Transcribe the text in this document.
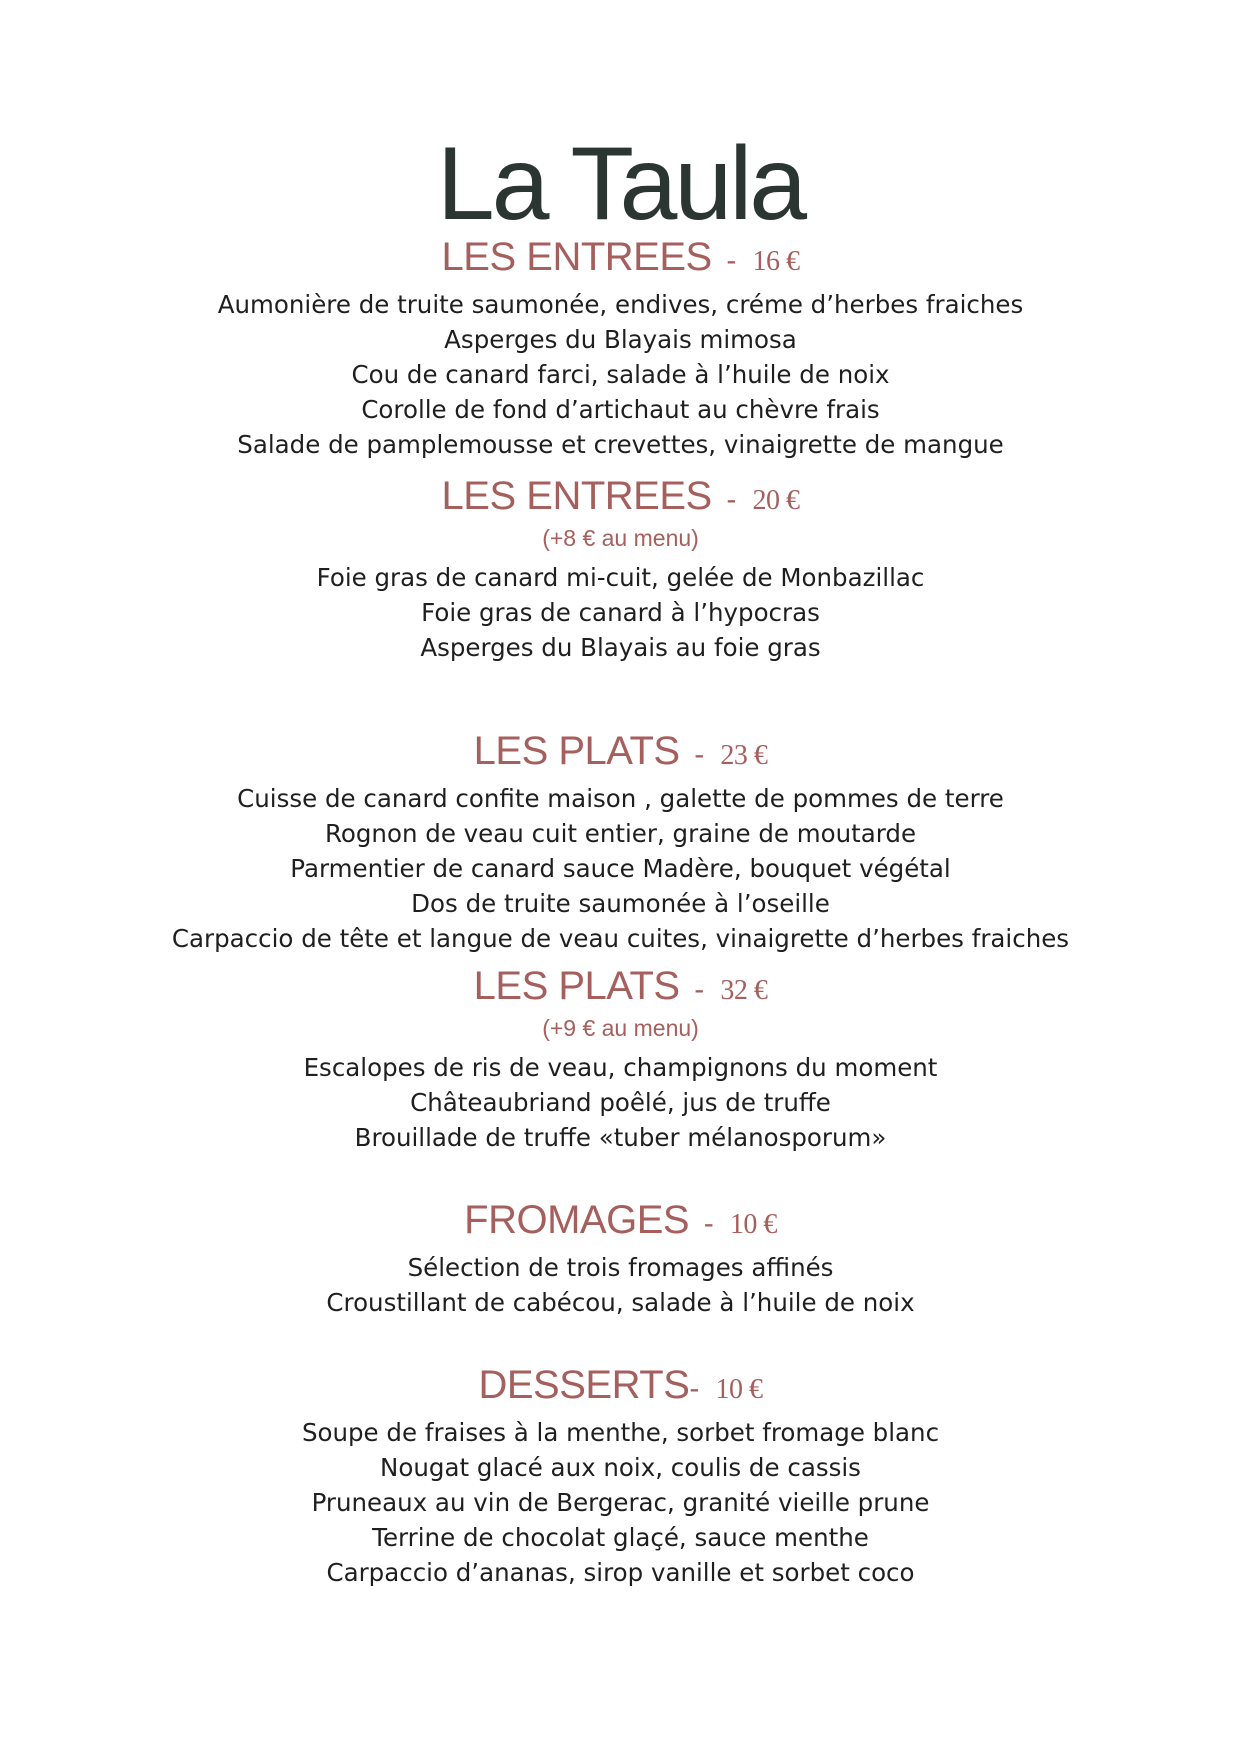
La Taula
LES ENTREES - 16 €
Aumonière de truite saumonée, endives, créme d’herbes fraiches
Asperges du Blayais mimosa
Cou de canard farci, salade à l’huile de noix
Corolle de fond d’artichaut au chèvre frais
Salade de pamplemousse et crevettes, vinaigrette de mangue
LES ENTREES - 20 €
(+8 € au menu)
Foie gras de canard mi-cuit, gelée de Monbazillac
Foie gras de canard à l’hypocras
Asperges du Blayais au foie gras
LES PLATS - 23 €
Cuisse de canard confite maison , galette de pommes de terre
Rognon de veau cuit entier, graine de moutarde
Parmentier de canard sauce Madère, bouquet végétal
Dos de truite saumonée à l’oseille
Carpaccio de tête et langue de veau cuites, vinaigrette d’herbes fraiches
LES PLATS - 32 €
(+9 € au menu)
Escalopes de ris de veau, champignons du moment
Châteaubriand poêlé, jus de truffe
Brouillade de truffe «tuber mélanosporum»
FROMAGES - 10 €
Sélection de trois fromages affinés
Croustillant de cabécou, salade à l’huile de noix
DESSERTS- 10 €
Soupe de fraises à la menthe, sorbet fromage blanc
Nougat glacé aux noix, coulis de cassis
Pruneaux au vin de Bergerac, granité vieille prune
Terrine de chocolat glaçé, sauce menthe
Carpaccio d’ananas, sirop vanille et sorbet coco
